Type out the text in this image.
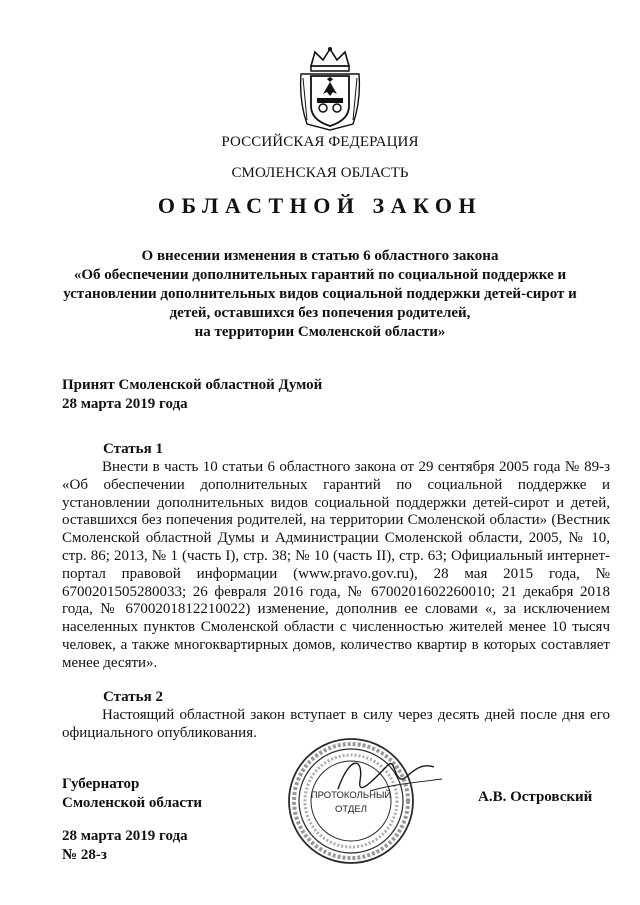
РОССИЙСКАЯ ФЕДЕРАЦИЯ
СМОЛЕНСКАЯ ОБЛАСТЬ
ОБЛАСТНОЙ ЗАКОН
О внесении изменения в статью 6 областного закона
«Об обеспечении дополнительных гарантий по социальной поддержке и
установлении дополнительных видов социальной поддержки детей-сирот и
детей, оставшихся без попечения родителей,
на территории Смоленской области»
Принят Смоленской областной Думой
28 марта 2019 года
Статья 1

Внести в часть 10 статьи 6 областного закона от 29 сентября 2005 года № 89-з «Об обеспечении дополнительных гарантий по социальной поддержке и установлении дополнительных видов социальной поддержки детей-сирот и детей, оставшихся без попечения родителей, на территории Смоленской области» (Вестник Смоленской областной Думы и Администрации Смоленской области, 2005, № 10, стр. 86; 2013, № 1 (часть I), стр. 38; № 10 (часть II), стр. 63; Официальный интернет-портал правовой информации (www.pravo.gov.ru), 28 мая 2015 года, № 6700201505280033; 26 февраля 2016 года, № 6700201602260010; 21 декабря 2018 года, № 6700201812210022) изменение, дополнив ее словами «, за исключением населенных пунктов Смоленской области с численностью жителей менее 10 тысяч человек, а также многоквартирных домов, количество квартир в которых составляет менее десяти».

Статья 2

Настоящий областной закон вступает в силу через десять дней после дня его официального опубликования.

Губернатор
Смоленской области	А.В. Островский
28 марта 2019 года
№ 28-з
ПРОТОКОЛЬНЫЙ
ОТДЕЛ
